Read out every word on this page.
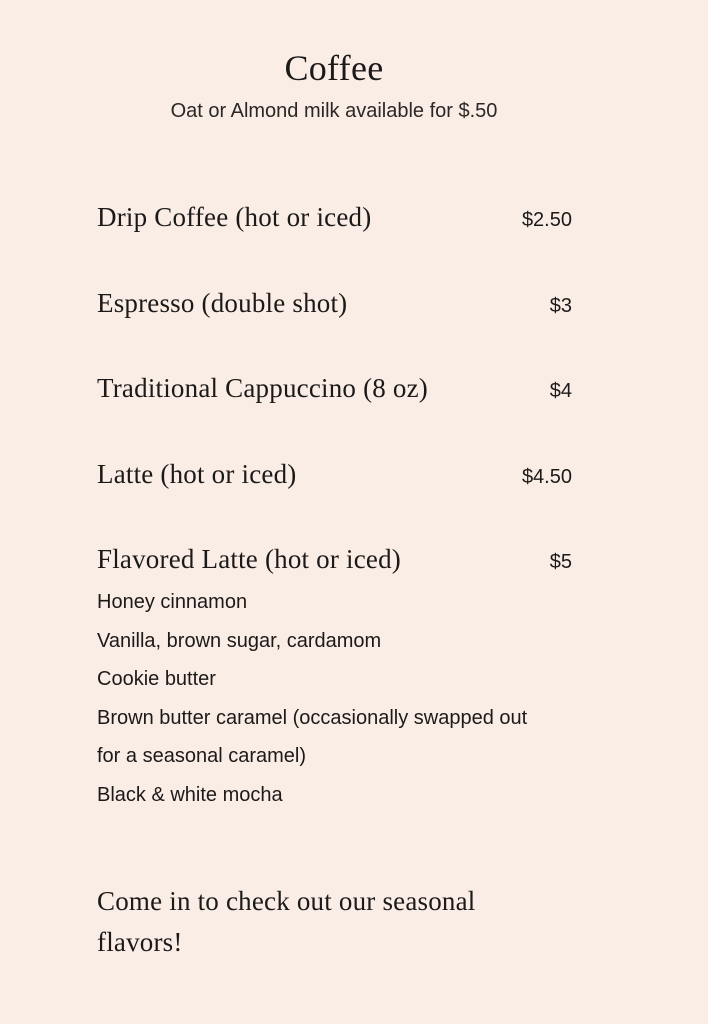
Coffee
Oat or Almond milk available for $.50
Drip Coffee (hot or iced)	$2.50
Espresso (double shot)	$3
Traditional Cappuccino (8 oz)	$4
Latte (hot or iced)	$4.50
Flavored Latte (hot or iced)	$5
Honey cinnamon
Vanilla, brown sugar, cardamom
Cookie butter
Brown butter caramel (occasionally swapped out for a seasonal caramel)
Black & white mocha

Come in to check out our seasonal flavors!
